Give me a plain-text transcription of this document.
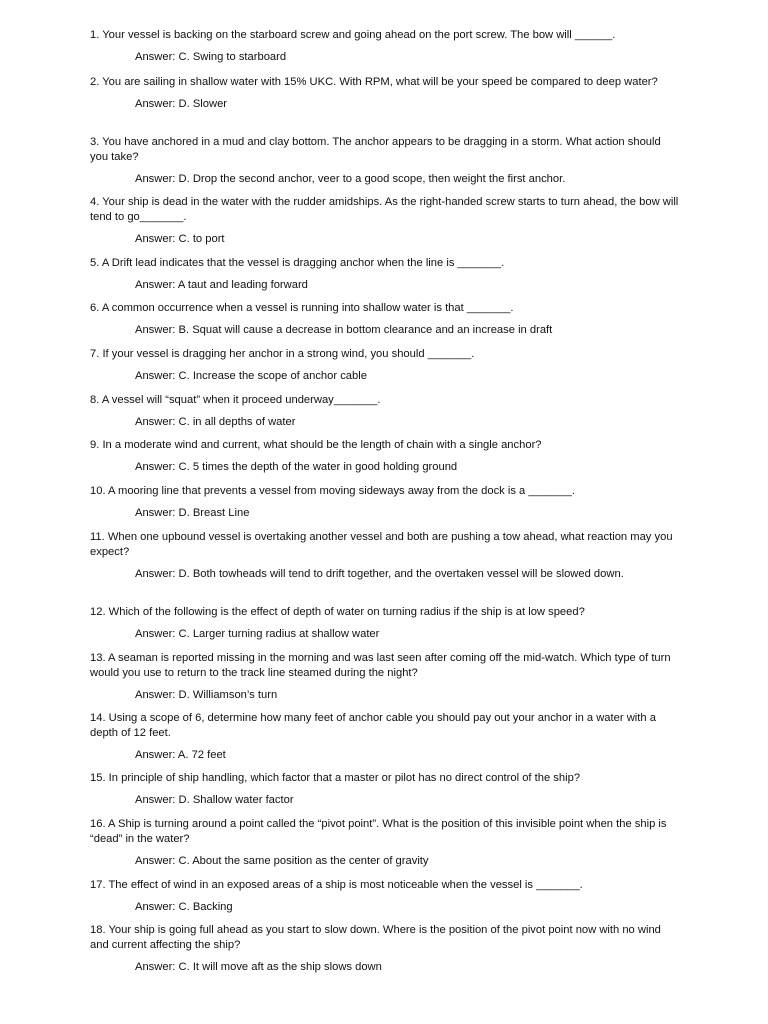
1. Your vessel is backing on the starboard screw and going ahead on the port screw. The bow will ______.

Answer: C. Swing to starboard

2. You are sailing in shallow water with 15% UKC. With RPM, what will be your speed be compared to deep water?

Answer: D. Slower

3. You have anchored in a mud and clay bottom. The anchor appears to be dragging in a storm. What action should you take?

Answer: D. Drop the second anchor, veer to a good scope, then weight the first anchor.

4. Your ship is dead in the water with the rudder amidships. As the right-handed screw starts to turn ahead, the bow will tend to go_______.

Answer: C. to port

5. A Drift lead indicates that the vessel is dragging anchor when the line is _______.

Answer: A taut and leading forward

6. A common occurrence when a vessel is running into shallow water is that _______.

Answer: B. Squat will cause a decrease in bottom clearance and an increase in draft

7. If your vessel is dragging her anchor in a strong wind, you should _______.

Answer: C. Increase the scope of anchor cable

8. A vessel will “squat” when it proceed underway_______.

Answer: C. in all depths of water

9. In a moderate wind and current, what should be the length of chain with a single anchor?

Answer: C. 5 times the depth of the water in good holding ground

10. A mooring line that prevents a vessel from moving sideways away from the dock is a _______.

Answer: D. Breast Line

11. When one upbound vessel is overtaking another vessel and both are pushing a tow ahead, what reaction may you expect?

Answer: D. Both towheads will tend to drift together, and the overtaken vessel will be slowed down.

12. Which of the following is the effect of depth of water on turning radius if the ship is at low speed?

Answer: C. Larger turning radius at shallow water

13. A seaman is reported missing in the morning and was last seen after coming off the mid-watch. Which type of turn would you use to return to the track line steamed during the night?

Answer: D. Williamson’s turn

14. Using a scope of 6, determine how many feet of anchor cable you should pay out your anchor in a water with a depth of 12 feet.

Answer: A. 72 feet

15. In principle of ship handling, which factor that a master or pilot has no direct control of the ship?

Answer: D. Shallow water factor

16. A Ship is turning around a point called the “pivot point”. What is the position of this invisible point when the ship is “dead” in the water?

Answer: C. About the same position as the center of gravity

17. The effect of wind in an exposed areas of a ship is most noticeable when the vessel is _______.

Answer: C. Backing

18. Your ship is going full ahead as you start to slow down. Where is the position of the pivot point now with no wind and current affecting the ship?

Answer: C. It will move aft as the ship slows down
